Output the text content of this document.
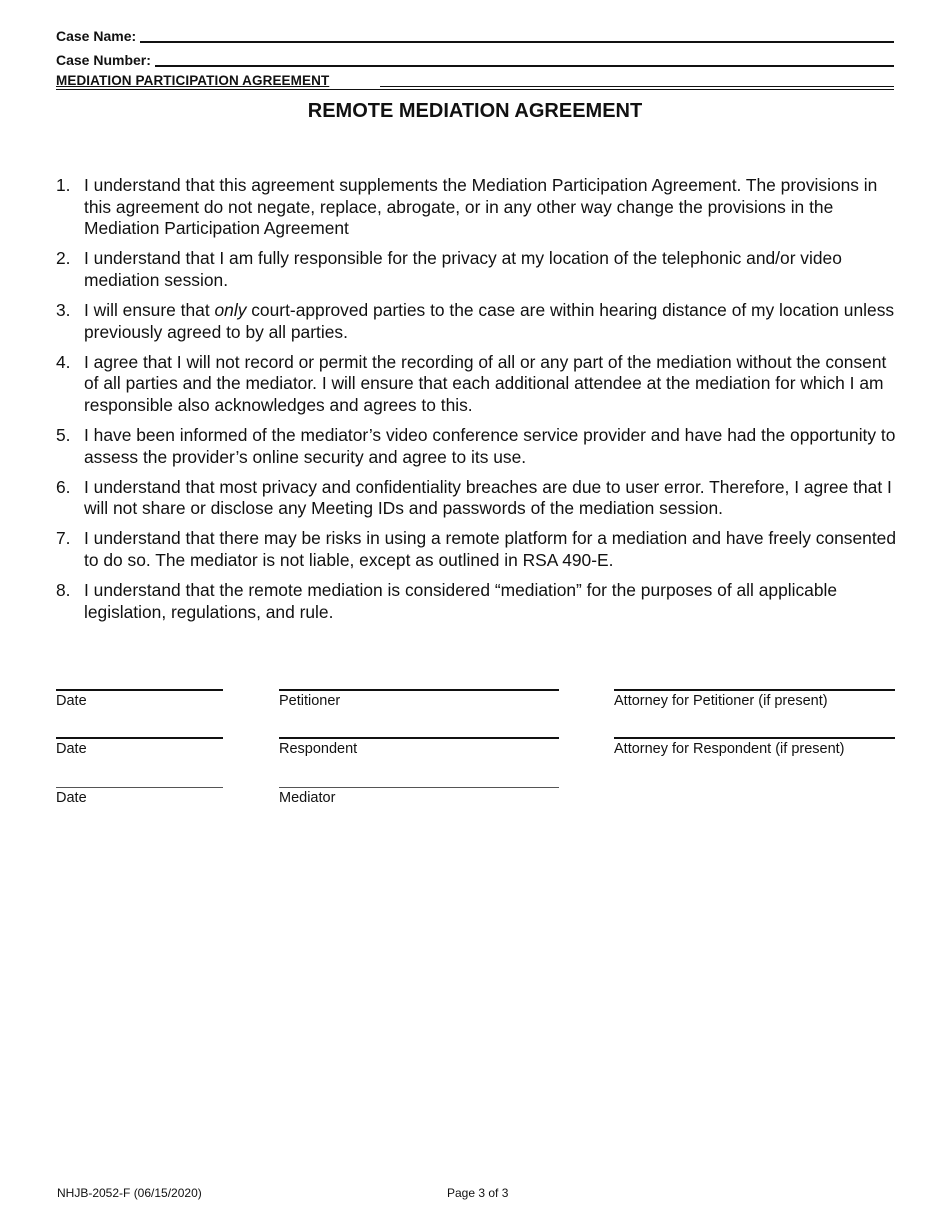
Case Name:
Case Number:
MEDIATION PARTICIPATION AGREEMENT
REMOTE MEDIATION AGREEMENT
1. I understand that this agreement supplements the Mediation Participation Agreement. The provisions in this agreement do not negate, replace, abrogate, or in any other way change the provisions in the Mediation Participation Agreement
2. I understand that I am fully responsible for the privacy at my location of the telephonic and/or video mediation session.
3. I will ensure that only court-approved parties to the case are within hearing distance of my location unless previously agreed to by all parties.
4. I agree that I will not record or permit the recording of all or any part of the mediation without the consent of all parties and the mediator. I will ensure that each additional attendee at the mediation for which I am responsible also acknowledges and agrees to this.
5. I have been informed of the mediator’s video conference service provider and have had the opportunity to assess the provider’s online security and agree to its use.
6. I understand that most privacy and confidentiality breaches are due to user error. Therefore, I agree that I will not share or disclose any Meeting IDs and passwords of the mediation session.
7. I understand that there may be risks in using a remote platform for a mediation and have freely consented to do so. The mediator is not liable, except as outlined in RSA 490-E.
8. I understand that the remote mediation is considered “mediation” for the purposes of all applicable legislation, regulations, and rule.
Date	Petitioner	Attorney for Petitioner (if present)
Date	Respondent	Attorney for Respondent (if present)
Date	Mediator
NHJB-2052-F (06/15/2020)	Page 3 of 3
